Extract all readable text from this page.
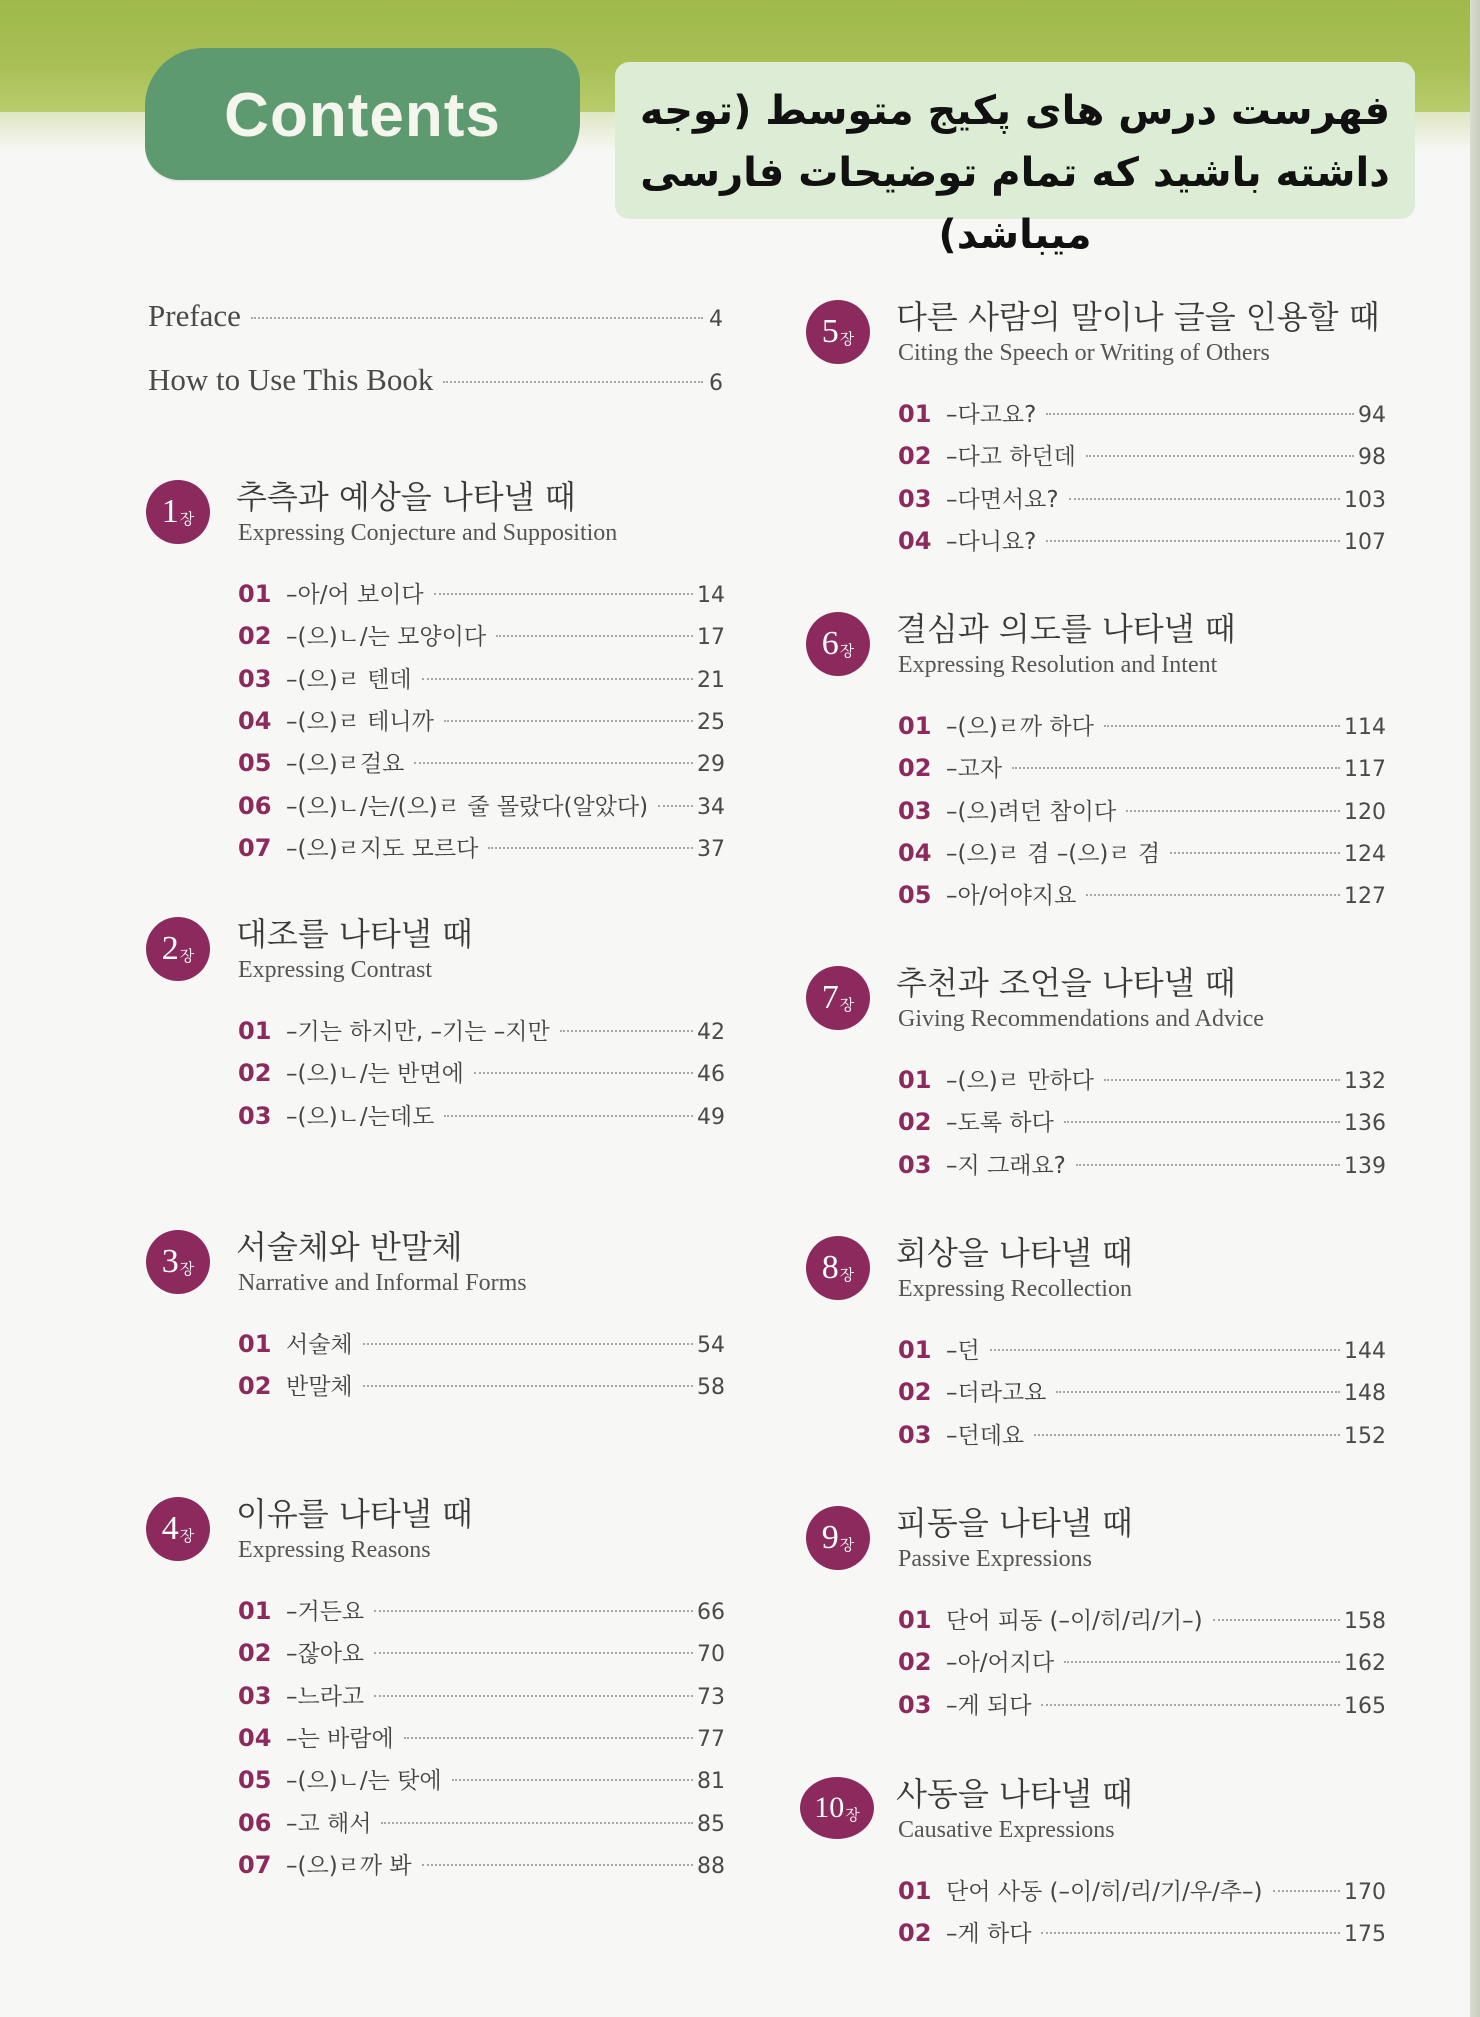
Contents	فهرست درس های پکیج متوسط (توجه داشته باشید که تمام توضیحات فارسی میباشد)
Preface	4
How to Use This Book	6
1 장
추측과 예상을 나타낼 때
Expressing Conjecture and Supposition
01 –아/어 보이다	14
02 –(으)ㄴ/는 모양이다	17
03 –(으)ㄹ 텐데	21
04 –(으)ㄹ 테니까	25
05 –(으)ㄹ걸요	29
06 –(으)ㄴ/는/(으)ㄹ 줄 몰랐다(알았다) 34
07 –(으)ㄹ지도 모르다	37
2 장
대조를 나타낼 때
Expressing Contrast
01 –기는 하지만, –기는 –지만	42
02 –(으)ㄴ/는 반면에	46
03 –(으)ㄴ/는데도	49
3 장
서술체와 반말체
Narrative and Informal Forms
01 서술체	54
02 반말체	58
4 장
이유를 나타낼 때
Expressing Reasons
01 –거든요	66
02 –잖아요	70
03 –느라고	73
04 –는 바람에	77
05 –(으)ㄴ/는 탓에	81
06 –고 해서	85
07 –(으)ㄹ까 봐	88
5 장
다른 사람의 말이나 글을 인용할 때
Citing the Speech or Writing of Others
01 –다고요?	94
02 –다고 하던데	98
03 –다면서요?	103
04 –다니요?	107
6 장
결심과 의도를 나타낼 때
Expressing Resolution and Intent
01 –(으)ㄹ까 하다	114
02 –고자	117
03 –(으)려던 참이다	120
04 –(으)ㄹ 겸 –(으)ㄹ 겸	124
05 –아/어야지요	127
7 장
추천과 조언을 나타낼 때
Giving Recommendations and Advice
01 –(으)ㄹ 만하다	132
02 –도록 하다	136
03 –지 그래요?	139
8 장
회상을 나타낼 때
Expressing Recollection
01 –던	144
02 –더라고요	148
03 –던데요	152
9 장
피동을 나타낼 때
Passive Expressions
01 단어 피동 (–이/히/리/기–)	158
02 –아/어지다	162
03 –게 되다	165
10 장
사동을 나타낼 때
Causative Expressions
01 단어 사동 (–이/히/리/기/우/추–)	170
02 –게 하다	175
